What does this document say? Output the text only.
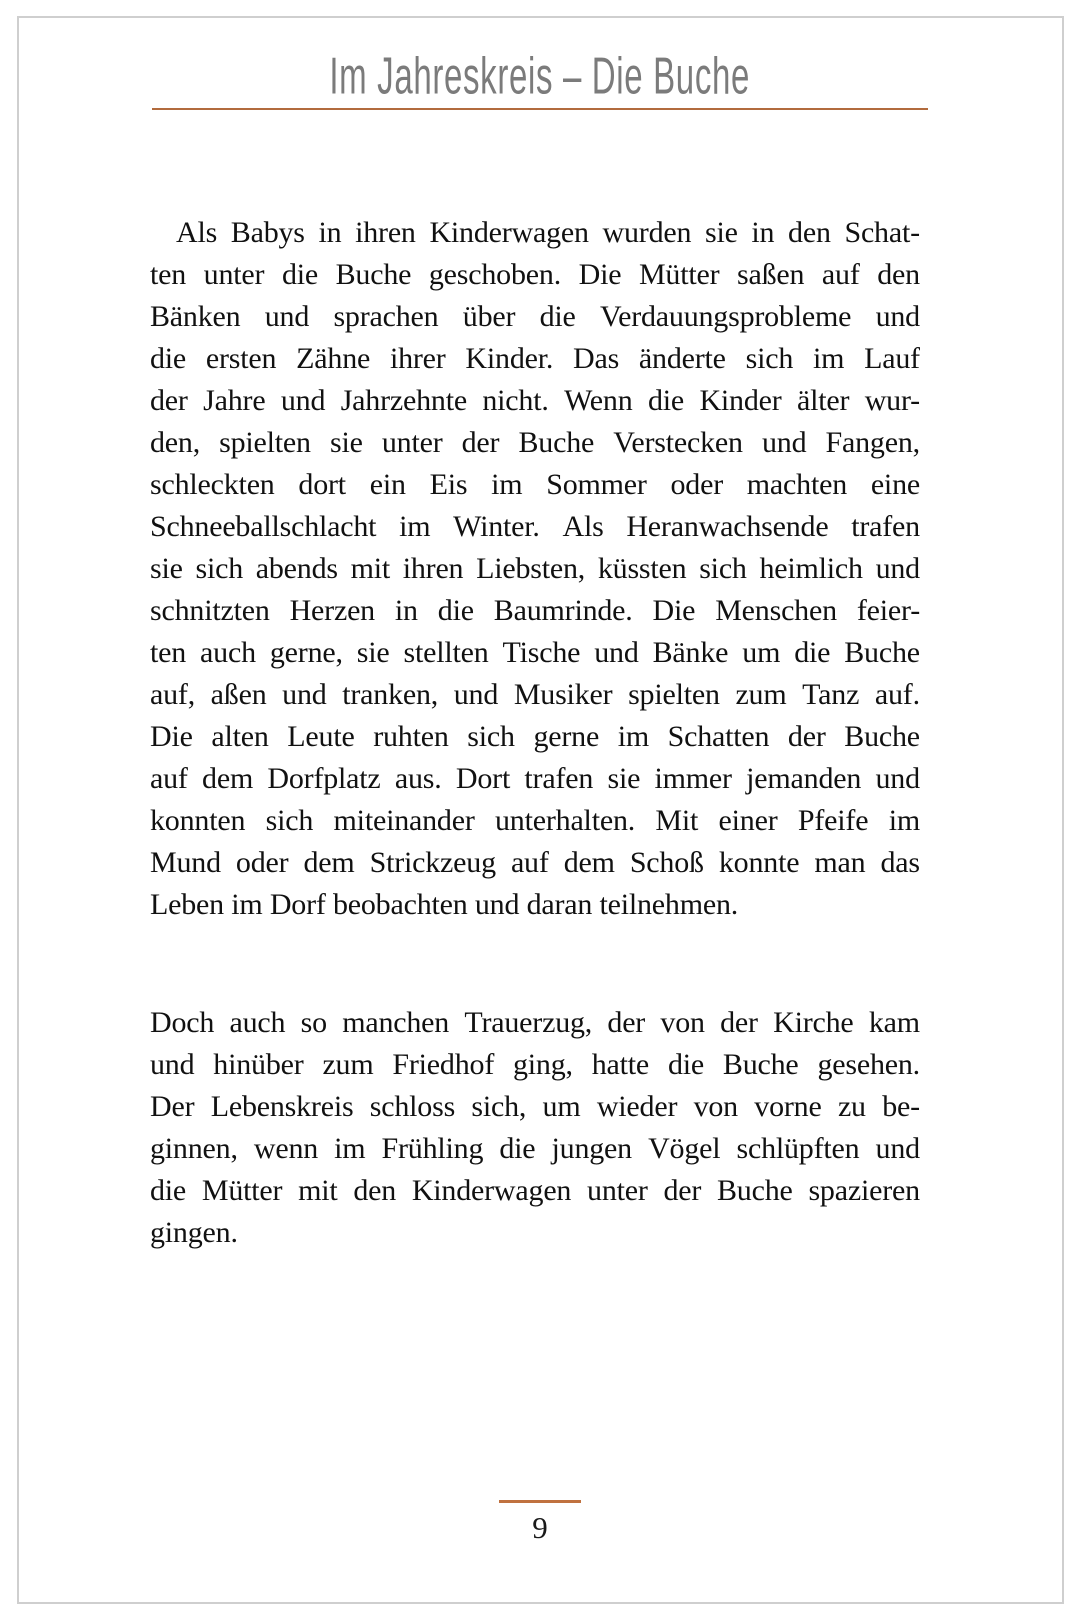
Im Jahreskreis – Die Buche
Als Babys in ihren Kinderwagen wurden sie in den Schat-
ten unter die Buche geschoben. Die Mütter saßen auf den
Bänken und sprachen über die Verdauungsprobleme und
die ersten Zähne ihrer Kinder. Das änderte sich im Lauf
der Jahre und Jahrzehnte nicht. Wenn die Kinder älter wur-
den, spielten sie unter der Buche Verstecken und Fangen,
schleckten dort ein Eis im Sommer oder machten eine
Schneeballschlacht im Winter. Als Heranwachsende trafen
sie sich abends mit ihren Liebsten, küssten sich heimlich und
schnitzten Herzen in die Baumrinde. Die Menschen feier-
ten auch gerne, sie stellten Tische und Bänke um die Buche
auf, aßen und tranken, und Musiker spielten zum Tanz auf.
Die alten Leute ruhten sich gerne im Schatten der Buche
auf dem Dorfplatz aus. Dort trafen sie immer jemanden und
konnten sich miteinander unterhalten. Mit einer Pfeife im
Mund oder dem Strickzeug auf dem Schoß konnte man das
Leben im Dorf beobachten und daran teilnehmen.
Doch auch so manchen Trauerzug, der von der Kirche kam
und hinüber zum Friedhof ging, hatte die Buche gesehen.
Der Lebenskreis schloss sich, um wieder von vorne zu be-
ginnen, wenn im Frühling die jungen Vögel schlüpften und
die Mütter mit den Kinderwagen unter der Buche spazieren
gingen.
9
